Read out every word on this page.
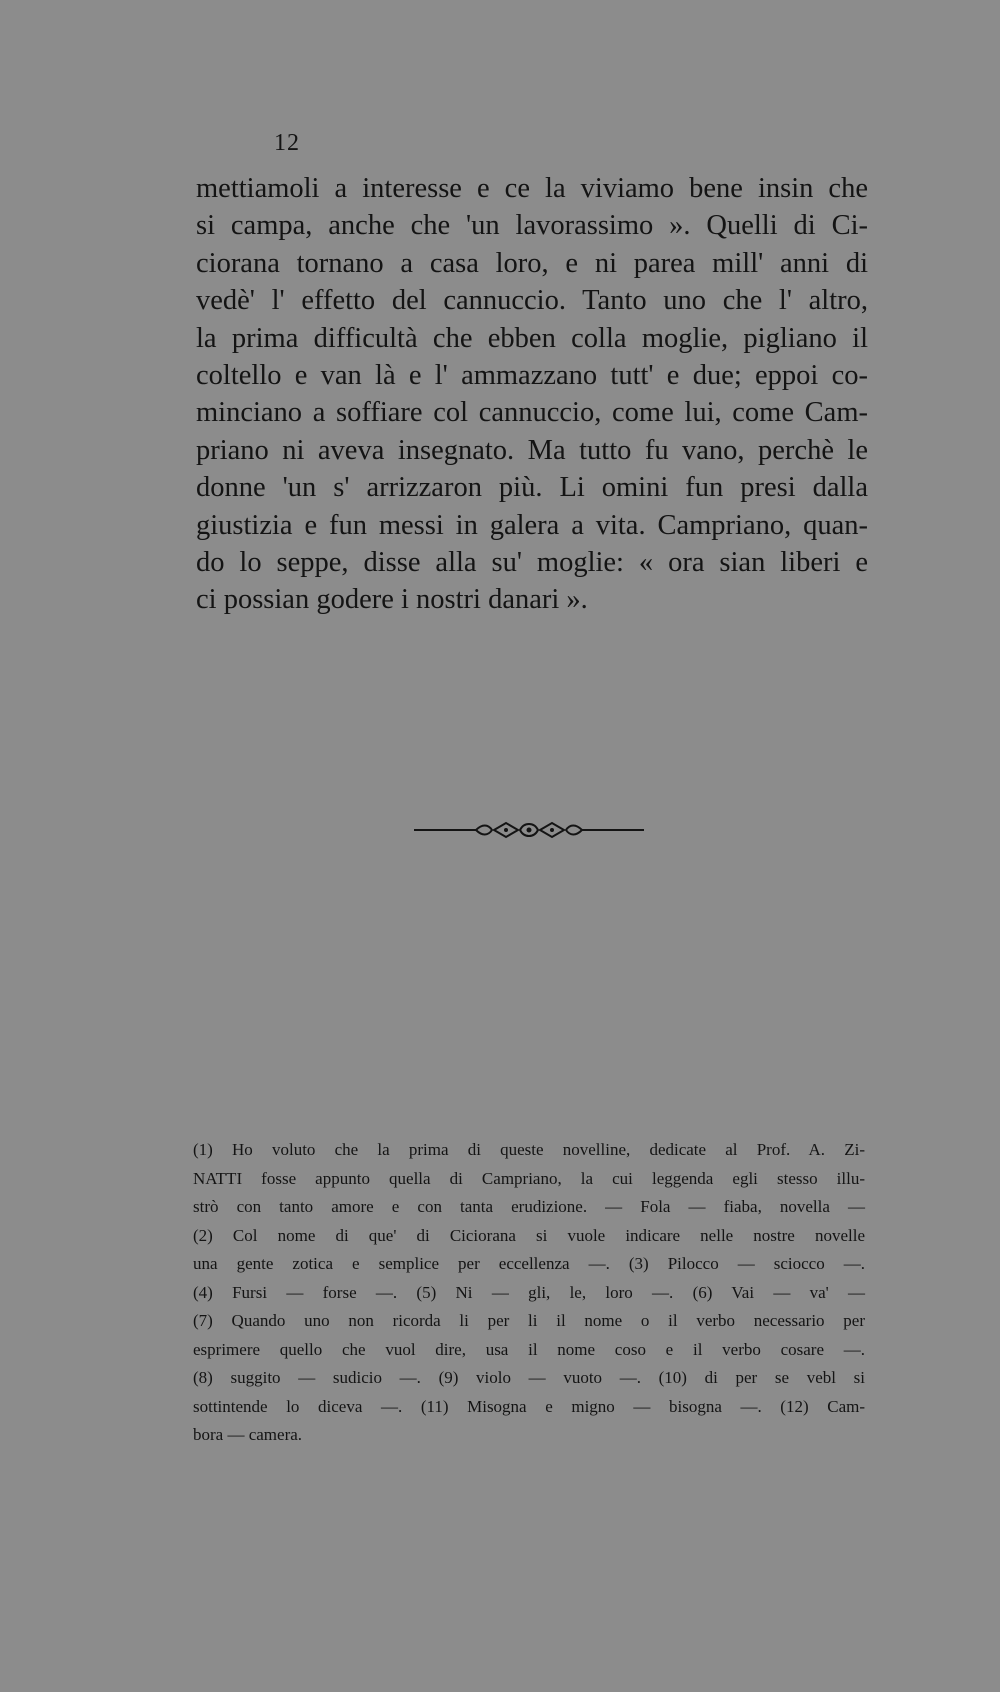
12
mettiamoli a interesse e ce la viviamo bene insin che
si campa, anche che 'un lavorassimo ». Quelli di Ci-
ciorana tornano a casa loro, e ni parea mill' anni di
vedè' l' effetto del cannuccio. Tanto uno che l' altro,
la prima difficultà che ebben colla moglie, pigliano il
coltello e van là e l' ammazzano tutt' e due; eppoi co-
minciano a soffiare col cannuccio, come lui, come Cam-
priano ni aveva insegnato. Ma tutto fu vano, perchè le
donne 'un s' arrizzaron più. Li omini fun presi dalla
giustizia e fun messi in galera a vita. Campriano, quan-
do lo seppe, disse alla su' moglie: « ora sian liberi e
ci possian godere i nostri danari ».
(1) Ho voluto che la prima di queste novelline, dedicate al Prof. A. Zi-
NATTI fosse appunto quella di Campriano, la cui leggenda egli stesso illu-
strò con tanto amore e con tanta erudizione. — Fola — fiaba, novella —
(2) Col nome di que' di Ciciorana si vuole indicare nelle nostre novelle
una gente zotica e semplice per eccellenza —. (3) Pilocco — sciocco —.
(4) Fursi — forse —. (5) Ni — gli, le, loro —. (6) Vai — va' —
(7) Quando uno non ricorda li per li il nome o il verbo necessario per
esprimere quello che vuol dire, usa il nome coso e il verbo cosare —.
(8) suggito — sudicio —. (9) violo — vuoto —. (10) di per se vebl si
sottintende lo diceva —. (11) Misogna e migno — bisogna —. (12) Cam-
bora — camera.
